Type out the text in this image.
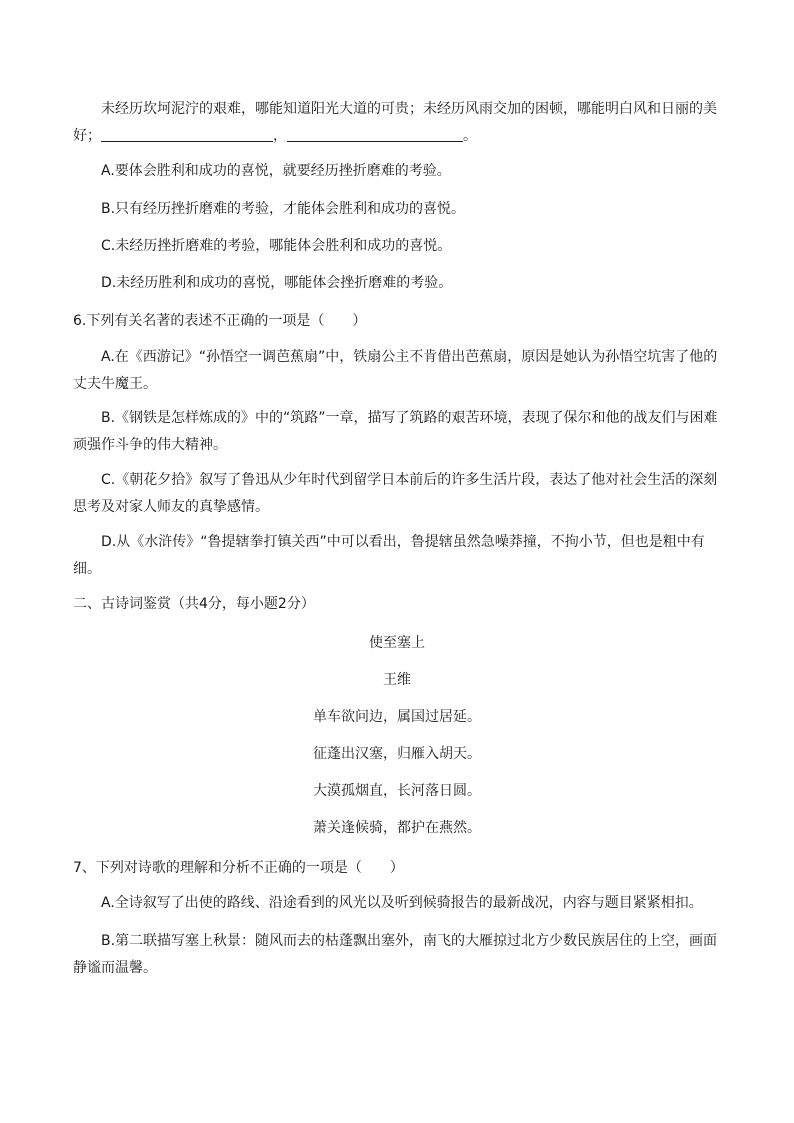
未经历坎坷泥泞的艰难，哪能知道阳光大道的可贵；未经历风雨交加的困顿，哪能明白风和日丽的美好；	，	。

A.要体会胜利和成功的喜悦，就要经历挫折磨难的考验。

B.只有经历挫折磨难的考验，才能体会胜利和成功的喜悦。

C.未经历挫折磨难的考验，哪能体会胜利和成功的喜悦。

D.未经历胜利和成功的喜悦，哪能体会挫折磨难的考验。

6.下列有关名著的表述不正确的一项是（　　）

A.在《西游记》“孙悟空一调芭蕉扇”中，铁扇公主不肯借出芭蕉扇，原因是她认为孙悟空坑害了他的丈夫牛魔王。

B.《钢铁是怎样炼成的》中的“筑路”一章，描写了筑路的艰苦环境，表现了保尔和他的战友们与困难顽强作斗争的伟大精神。

C.《朝花夕拾》叙写了鲁迅从少年时代到留学日本前后的许多生活片段，表达了他对社会生活的深刻思考及对家人师友的真挚感情。

D.从《水浒传》“鲁提辖拳打镇关西”中可以看出，鲁提辖虽然急噪莽撞，不拘小节，但也是粗中有细。

二、古诗词鉴赏（共4分，每小题2分）

使至塞上

王维

单车欲问边，属国过居延。

征蓬出汉塞，归雁入胡天。

大漠孤烟直，长河落日圆。

萧关逢候骑，都护在燕然。

7、下列对诗歌的理解和分析不正确的一项是（　　）

A.全诗叙写了出使的路线、沿途看到的风光以及听到候骑报告的最新战况，内容与题目紧紧相扣。

B.第二联描写塞上秋景：随风而去的枯蓬飘出塞外，南飞的大雁掠过北方少数民族居住的上空，画面静谧而温馨。
